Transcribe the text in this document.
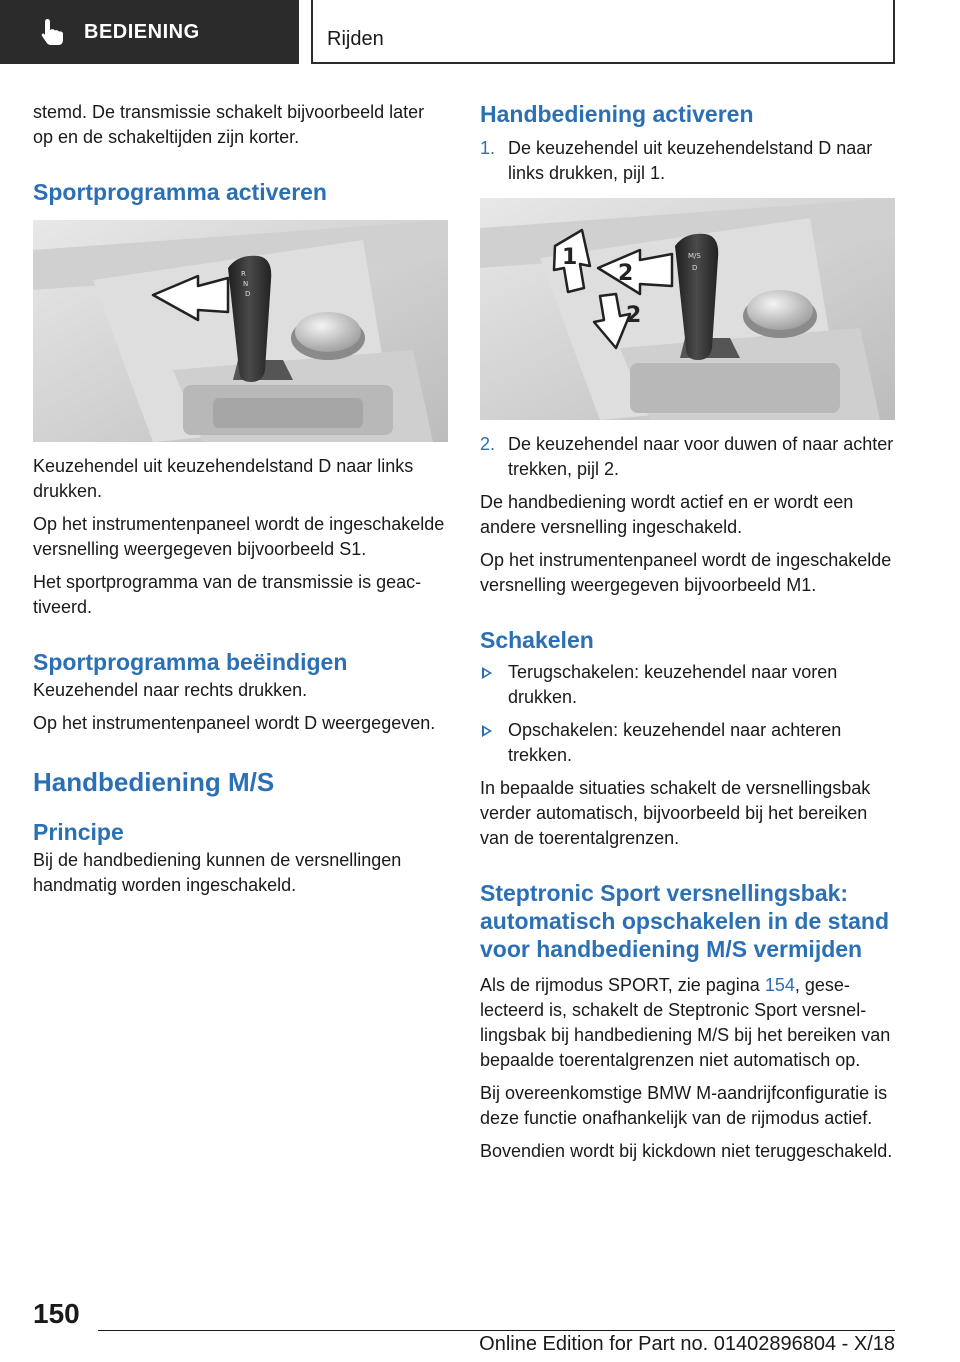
BEDIENING	Rijden

stemd. De transmissie schakelt bijvoorbeeld later op en de schakeltijden zijn korter.

Sportprogramma activeren
R
N
D

Keuzehendel uit keuzehendelstand D naar links drukken.

Op het instrumentenpaneel wordt de ingeschakelde versnelling weergegeven bijvoorbeeld S1.

Het sportprogramma van de transmissie is geactiveerd.

Sportprogramma beëindigen

Keuzehendel naar rechts drukken.

Op het instrumentenpaneel wordt D weergegeven.

Handbediening M/S
Principe

Bij de handbediening kunnen de versnellingen handmatig worden ingeschakeld.

Handbediening activeren
1. De keuzehendel uit keuzehendelstand D naar links drukken, pijl 1.
M/S
D
1
2
2
2. De keuzehendel naar voor duwen of naar achter trekken, pijl 2.

De handbediening wordt actief en er wordt een andere versnelling ingeschakeld.

Op het instrumentenpaneel wordt de ingeschakelde versnelling weergegeven bijvoorbeeld M1.

Schakelen
Terugschakelen: keuzehendel naar voren drukken.
Opschakelen: keuzehendel naar achteren trekken.

In bepaalde situaties schakelt de versnellingsbak verder automatisch, bijvoorbeeld bij het bereiken van de toerentalgrenzen.

Steptronic Sport versnellingsbak: automatisch opschakelen in de stand voor handbediening M/S vermijden

Als de rijmodus SPORT, zie pagina 154, geselecteerd is, schakelt de Steptronic Sport versnellingsbak bij handbediening M/S bij het bereiken van bepaalde toerentalgrenzen niet automatisch op.

Bij overeenkomstige BMW M-aandrijfconfiguratie is deze functie onafhankelijk van de rijmodus actief.

Bovendien wordt bij kickdown niet teruggeschakeld.

150
Online Edition for Part no. 01402896804 - X/18
